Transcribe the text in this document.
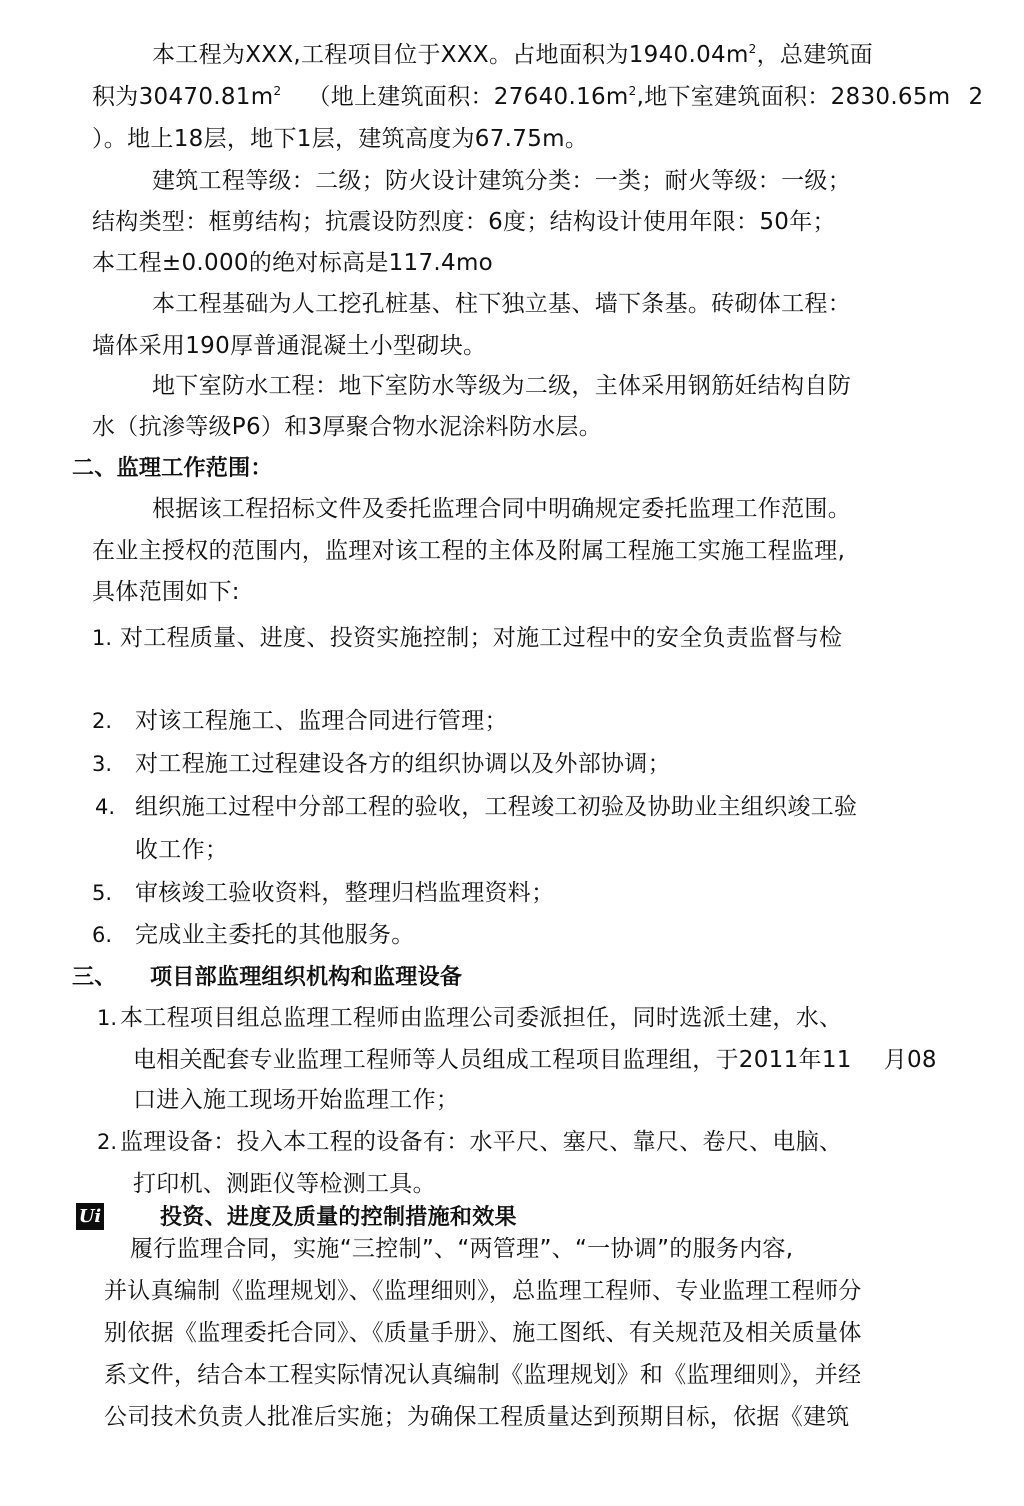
本工程为XXX,工程项目位于XXX。占地面积为$1940.04m^2$，总建筑面
积为$30470.81m^2$ （地上建筑面积：$27640.16m^2$,地下室建筑面积：2830.65m 2
）。地上18层，地下1层，建筑高度为67.75m。
建筑工程等级：二级；防火设计建筑分类：一类；耐火等级：一级；
结构类型：框剪结构；抗震设防烈度：6度；结构设计使用年限：50年；
本工程±0.000的绝对标高是117.4mo
本工程基础为人工挖孔桩基、柱下独立基、墙下条基。砖砌体工程：
墙体采用190厚普通混凝土小型砌块。
地下室防水工程：地下室防水等级为二级，主体采用钢筋妊结构自防
水（抗渗等级P6）和3厚聚合物水泥涂料防水层。
二、监理工作范围：
根据该工程招标文件及委托监理合同中明确规定委托监理工作范围。
在业主授权的范围内，监理对该工程的主体及附属工程施工实施工程监理,
具体范围如下:
1. 对工程质量、进度、投资实施控制；对施工过程中的安全负责监督与检
2. 对该工程施工、监理合同进行管理；
3. 对工程施工过程建设各方的组织协调以及外部协调；
4. 组织施工过程中分部工程的验收，工程竣工初验及协助业主组织竣工验
收工作；
5. 审核竣工验收资料，整理归档监理资料；
6. 完成业主委托的其他服务。
三、 项目部监理组织机构和监理设备
1. 本工程项目组总监理工程师由监理公司委派担任，同时选派土建，水、
电相关配套专业监理工程师等人员组成工程项目监理组，于2011年11 月08
口进入施工现场开始监理工作；
2. 监理设备：投入本工程的设备有：水平尺、塞尺、靠尺、卷尺、电脑、
打印机、测距仪等检测工具。
Ui	投资、进度及质量的控制措施和效果
履行监理合同，实施“三控制”、“两管理”、“一协调”的服务内容,
并认真编制《监理规划》、《监理细则》，总监理工程师、专业监理工程师分
别依据《监理委托合同》、《质量手册》、施工图纸、有关规范及相关质量体
系文件，结合本工程实际情况认真编制《监理规划》和《监理细则》，并经
公司技术负责人批准后实施；为确保工程质量达到预期目标，依据《建筑
